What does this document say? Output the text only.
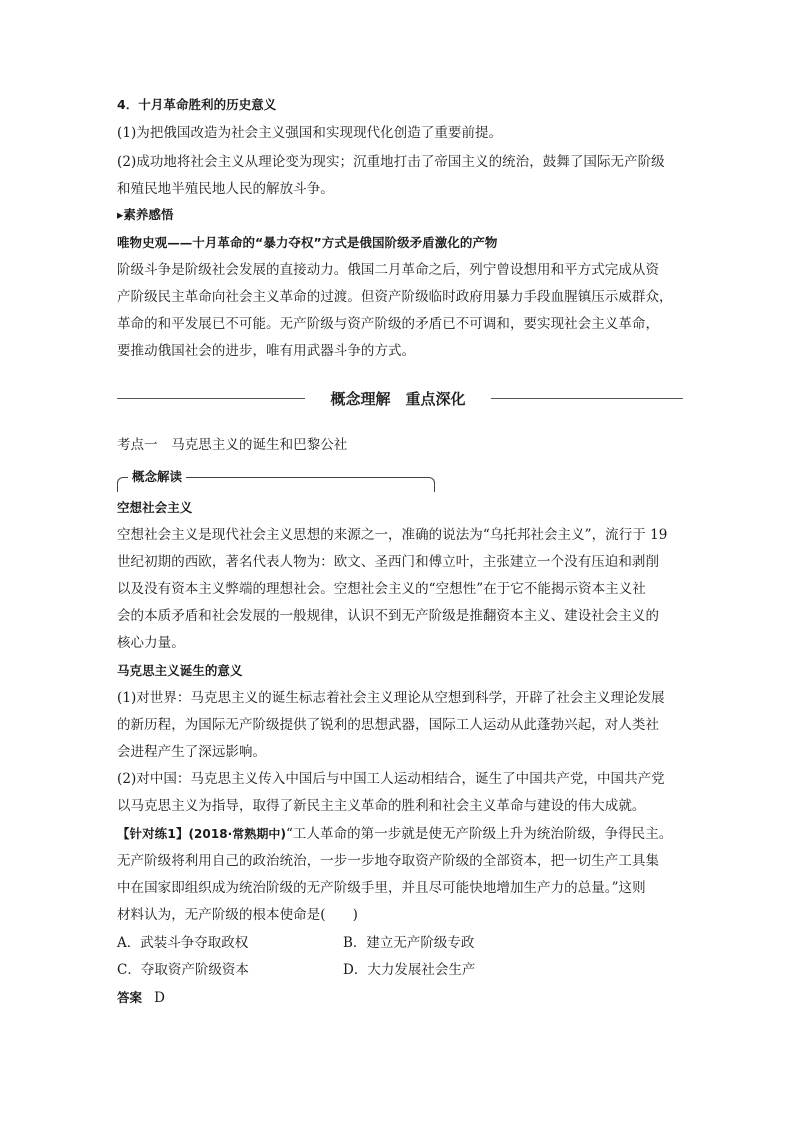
4．十月革命胜利的历史意义
(1)为把俄国改造为社会主义强国和实现现代化创造了重要前提。
(2)成功地将社会主义从理论变为现实；沉重地打击了帝国主义的统治，鼓舞了国际无产阶级
和殖民地半殖民地人民的解放斗争。
▸素养感悟
唯物史观——十月革命的“暴力夺权”方式是俄国阶级矛盾激化的产物
阶级斗争是阶级社会发展的直接动力。俄国二月革命之后，列宁曾设想用和平方式完成从资
产阶级民主革命向社会主义革命的过渡。但资产阶级临时政府用暴力手段血腥镇压示威群众，
革命的和平发展已不可能。无产阶级与资产阶级的矛盾已不可调和，要实现社会主义革命，
要推动俄国社会的进步，唯有用武器斗争的方式。
概念理解　重点深化
考点一　马克思主义的诞生和巴黎公社
概念解读
空想社会主义
空想社会主义是现代社会主义思想的来源之一，准确的说法为“乌托邦社会主义”，流行于 19
世纪初期的西欧，著名代表人物为：欧文、圣西门和傅立叶，主张建立一个没有压迫和剥削
以及没有资本主义弊端的理想社会。空想社会主义的“空想性”在于它不能揭示资本主义社
会的本质矛盾和社会发展的一般规律，认识不到无产阶级是推翻资本主义、建设社会主义的
核心力量。
马克思主义诞生的意义
(1)对世界：马克思主义的诞生标志着社会主义理论从空想到科学，开辟了社会主义理论发展
的新历程，为国际无产阶级提供了锐利的思想武器，国际工人运动从此蓬勃兴起，对人类社
会进程产生了深远影响。
(2)对中国：马克思主义传入中国后与中国工人运动相结合，诞生了中国共产党，中国共产党
以马克思主义为指导，取得了新民主主义革命的胜利和社会主义革命与建设的伟大成就。
【针对练1】(2018·常熟期中)“工人革命的第一步就是使无产阶级上升为统治阶级，争得民主。
无产阶级将利用自己的政治统治，一步一步地夺取资产阶级的全部资本，把一切生产工具集
中在国家即组织成为统治阶级的无产阶级手里，并且尽可能快地增加生产力的总量。”这则
材料认为，无产阶级的根本使命是(　　)
A．武装斗争夺取政权	B．建立无产阶级专政
C．夺取资产阶级资本	D．大力发展社会生产
答案 D
